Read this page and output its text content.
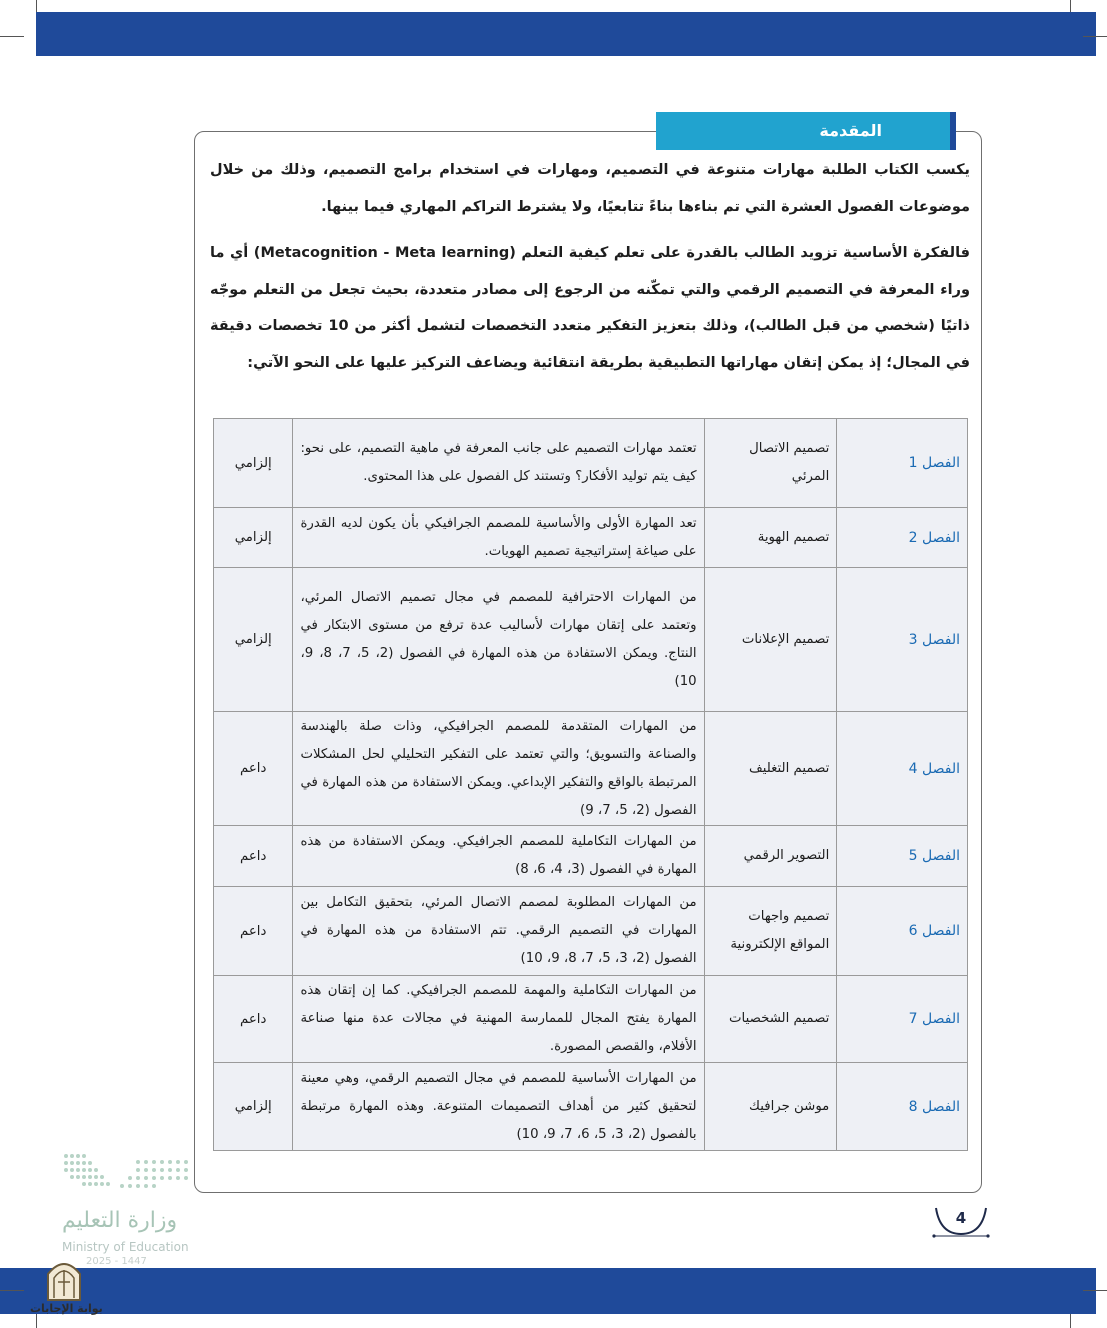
المقدمة

يكسب الكتاب الطلبة مهارات متنوعة في التصميم، ومهارات في استخدام برامج التصميم، وذلك من خلال موضوعات الفصول العشرة التي تم بناءها بناءً تتابعيًا، ولا يشترط التراكم المهاري فيما بينها.

فالفكرة الأساسية تزويد الطالب بالقدرة على تعلم كيفية التعلم (Metacognition - Meta learning) أي ما وراء المعرفة في التصميم الرقمي والتي تمكّنه من الرجوع إلى مصادر متعددة، بحيث تجعل من التعلم موجّه ذاتيًا (شخصي من قبل الطالب)، وذلك بتعزيز التفكير متعدد التخصصات لتشمل أكثر من 10 تخصصات دقيقة في المجال؛ إذ يمكن إتقان مهاراتها التطبيقية بطريقة انتقائية ويضاعف التركيز عليها على النحو الآتي:

الفصل 1	تصميم الاتصال المرئي	تعتمد مهارات التصميم على جانب المعرفة في ماهية التصميم، على نحو: كيف يتم توليد الأفكار؟ وتستند كل الفصول على هذا المحتوى.	إلزامي
الفصل 2	تصميم الهوية	تعد المهارة الأولى والأساسية للمصمم الجرافيكي بأن يكون لديه القدرة على صياغة إستراتيجية تصميم الهويات.	إلزامي
الفصل 3	تصميم الإعلانات	من المهارات الاحترافية للمصمم في مجال تصميم الاتصال المرئي، وتعتمد على إتقان مهارات لأساليب عدة ترفع من مستوى الابتكار في النتاج. ويمكن الاستفادة من هذه المهارة في الفصول (2، 5، 7، 8، 9، 10)	إلزامي
الفصل 4	تصميم التغليف	من المهارات المتقدمة للمصمم الجرافيكي، وذات صلة بالهندسة والصناعة والتسويق؛ والتي تعتمد على التفكير التحليلي لحل المشكلات المرتبطة بالواقع والتفكير الإبداعي. ويمكن الاستفادة من هذه المهارة في الفصول (2، 5، 7، 9)	داعم
الفصل 5	التصوير الرقمي	من المهارات التكاملية للمصمم الجرافيكي. ويمكن الاستفادة من هذه المهارة في الفصول (3، 4، 6، 8)	داعم
الفصل 6	تصميم واجهات المواقع الإلكترونية	من المهارات المطلوبة لمصمم الاتصال المرئي، بتحقيق التكامل بين المهارات في التصميم الرقمي. تتم الاستفادة من هذه المهارة في الفصول (2، 3، 5، 7، 8، 9، 10)	داعم
الفصل 7	تصميم الشخصيات	من المهارات التكاملية والمهمة للمصمم الجرافيكي. كما إن إتقان هذه المهارة يفتح المجال للممارسة المهنية في مجالات عدة منها صناعة الأفلام، والقصص المصورة.	داعم
الفصل 8	موشن جرافيك	من المهارات الأساسية للمصمم في مجال التصميم الرقمي، وهي معينة لتحقيق كثير من أهداف التصميمات المتنوعة. وهذه المهارة مرتبطة بالفصول (2، 3، 5، 6، 7، 9، 10)	إلزامي
4
وزارة التعليم
Ministry of Education
2025 - 1447
بوابة الإجابات
